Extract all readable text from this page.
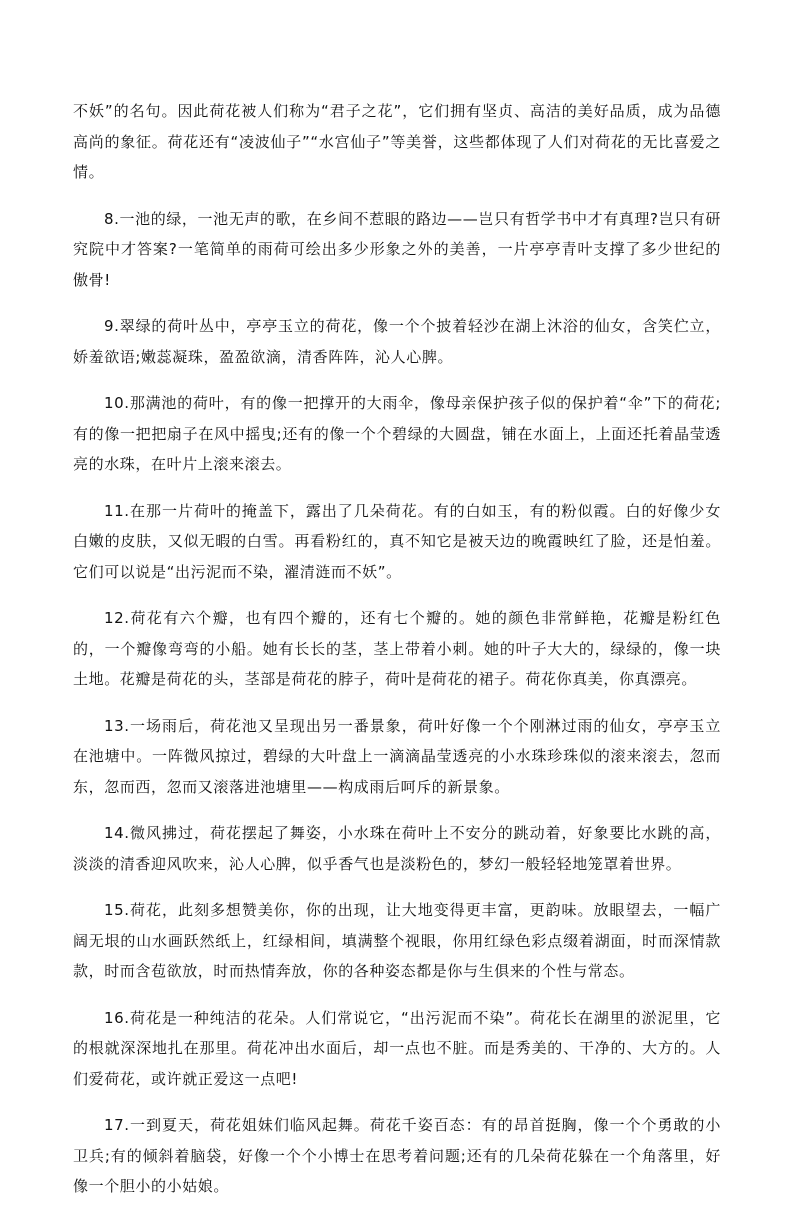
不妖”的名句。因此荷花被人们称为“君子之花”，它们拥有坚贞、高洁的美好品质，成为品德高尚的象征。荷花还有“凌波仙子”“水宫仙子”等美誉，这些都体现了人们对荷花的无比喜爱之情。

8.一池的绿，一池无声的歌，在乡间不惹眼的路边——岂只有哲学书中才有真理?岂只有研究院中才答案?一笔简单的雨荷可绘出多少形象之外的美善，一片亭亭青叶支撑了多少世纪的傲骨!

9.翠绿的荷叶丛中，亭亭玉立的荷花，像一个个披着轻沙在湖上沐浴的仙女，含笑伫立，娇羞欲语;嫩蕊凝珠，盈盈欲滴，清香阵阵，沁人心脾。

10.那满池的荷叶，有的像一把撑开的大雨伞，像母亲保护孩子似的保护着“伞”下的荷花;有的像一把把扇子在风中摇曳;还有的像一个个碧绿的大圆盘，铺在水面上，上面还托着晶莹透亮的水珠，在叶片上滚来滚去。

11.在那一片荷叶的掩盖下，露出了几朵荷花。有的白如玉，有的粉似霞。白的好像少女白嫩的皮肤，又似无暇的白雪。再看粉红的，真不知它是被天边的晚霞映红了脸，还是怕羞。它们可以说是“出污泥而不染，濯清涟而不妖”。

12.荷花有六个瓣，也有四个瓣的，还有七个瓣的。她的颜色非常鲜艳，花瓣是粉红色的，一个瓣像弯弯的小船。她有长长的茎，茎上带着小刺。她的叶子大大的，绿绿的，像一块土地。花瓣是荷花的头，茎部是荷花的脖子，荷叶是荷花的裙子。荷花你真美，你真漂亮。

13.一场雨后，荷花池又呈现出另一番景象，荷叶好像一个个刚淋过雨的仙女，亭亭玉立在池塘中。一阵微风掠过，碧绿的大叶盘上一滴滴晶莹透亮的小水珠珍珠似的滚来滚去，忽而东，忽而西，忽而又滚落进池塘里——构成雨后呵斥的新景象。

14.微风拂过，荷花摆起了舞姿，小水珠在荷叶上不安分的跳动着，好象要比水跳的高，淡淡的清香迎风吹来，沁人心脾，似乎香气也是淡粉色的，梦幻一般轻轻地笼罩着世界。

15.荷花，此刻多想赞美你，你的出现，让大地变得更丰富，更韵味。放眼望去，一幅广阔无垠的山水画跃然纸上，红绿相间，填满整个视眼，你用红绿色彩点缀着湖面，时而深情款款，时而含苞欲放，时而热情奔放，你的各种姿态都是你与生俱来的个性与常态。

16.荷花是一种纯洁的花朵。人们常说它，“出污泥而不染”。荷花长在湖里的淤泥里，它的根就深深地扎在那里。荷花冲出水面后，却一点也不脏。而是秀美的、干净的、大方的。人们爱荷花，或许就正爱这一点吧!

17.一到夏天，荷花姐妹们临风起舞。荷花千姿百态：有的昂首挺胸，像一个个勇敢的小卫兵;有的倾斜着脑袋，好像一个个小博士在思考着问题;还有的几朵荷花躲在一个角落里，好像一个胆小的小姑娘。
